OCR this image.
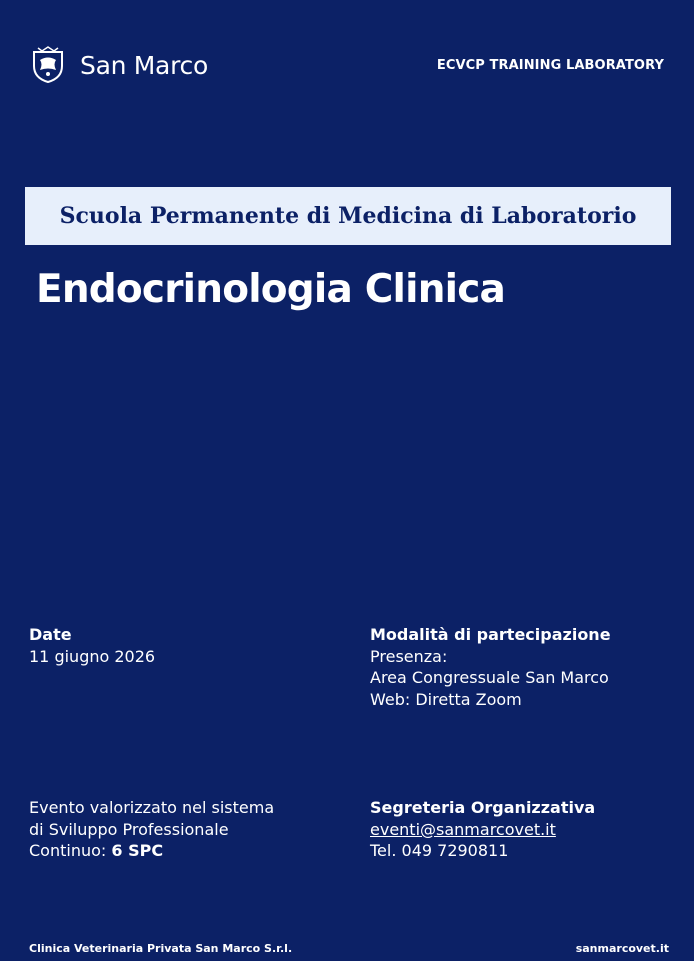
San Marco	ECVCP TRAINING LABORATORY
Scuola Permanente di Medicina di Laboratorio
Endocrinologia Clinica
Date
11 giugno 2026
Modalità di partecipazione
Presenza:
Area Congressuale San Marco
Web: Diretta Zoom
Evento valorizzato nel sistema
di Sviluppo Professionale
Continuo: 6 SPC
Segreteria Organizzativa
eventi@sanmarcovet.it
Tel. 049 7290811
Clinica Veterinaria Privata San Marco S.r.l.	sanmarcovet.it
